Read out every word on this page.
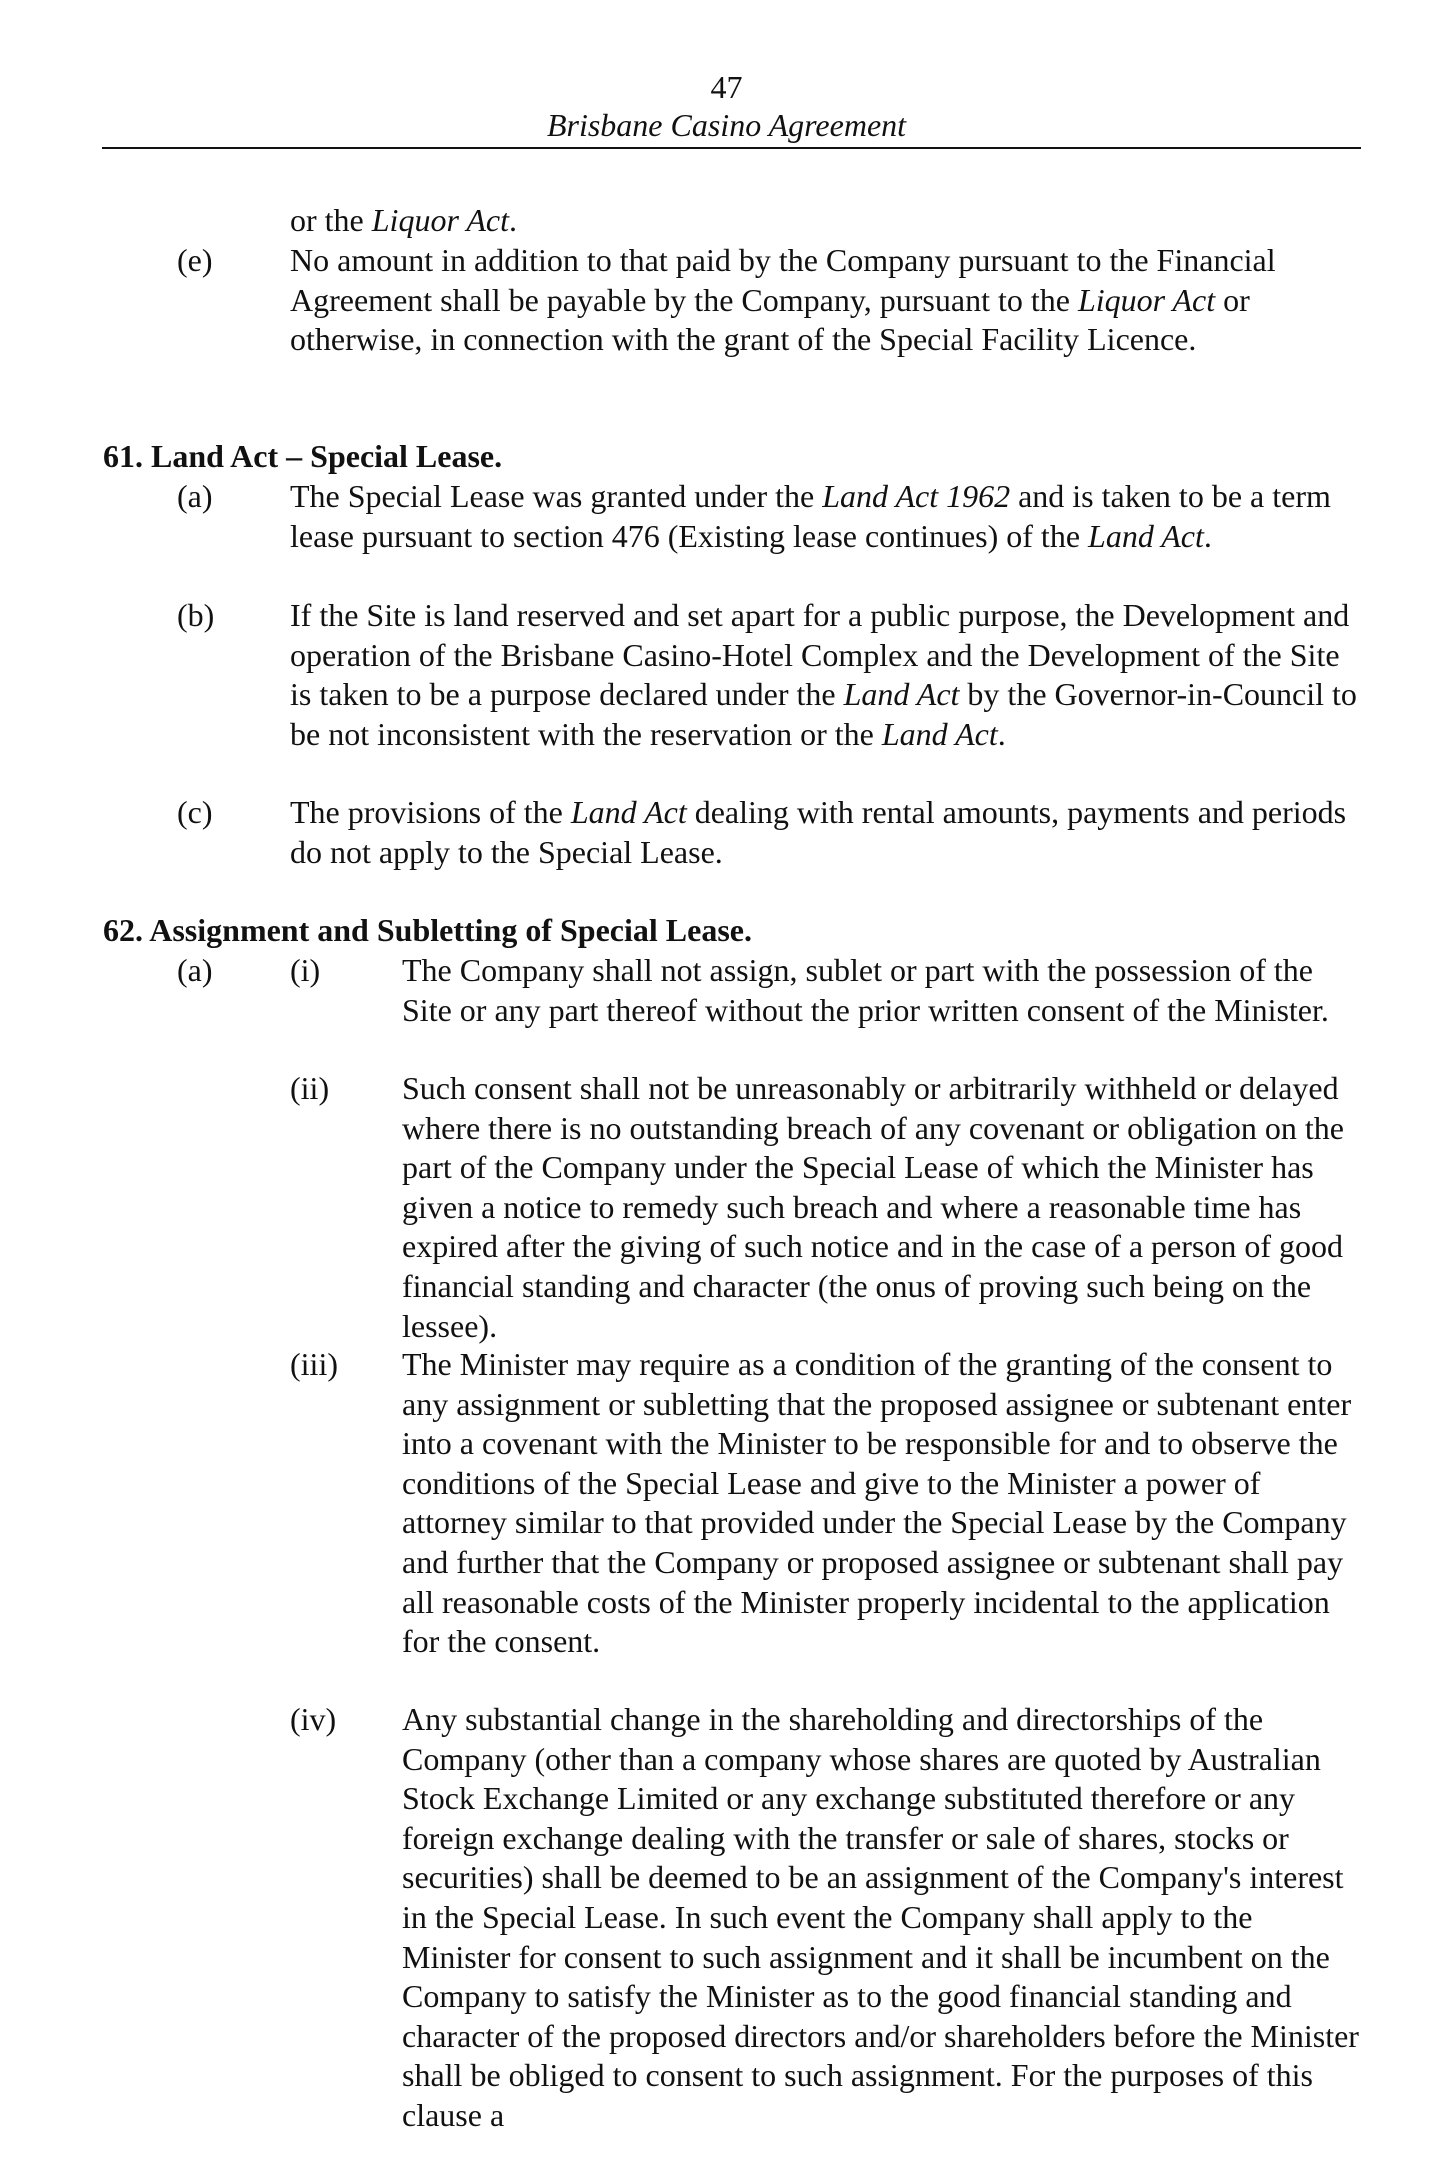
47
Brisbane Casino Agreement
or the Liquor Act.
(e) No amount in addition to that paid by the Company pursuant to the Financial Agreement shall be payable by the Company, pursuant to the Liquor Act or otherwise, in connection with the grant of the Special Facility Licence.
61. Land Act – Special Lease.
(a) The Special Lease was granted under the Land Act 1962 and is taken to be a term lease pursuant to section 476 (Existing lease continues) of the Land Act.
(b) If the Site is land reserved and set apart for a public purpose, the Development and operation of the Brisbane Casino-Hotel Complex and the Development of the Site is taken to be a purpose declared under the Land Act by the Governor-in-Council to be not inconsistent with the reservation or the Land Act.
(c) The provisions of the Land Act dealing with rental amounts, payments and periods do not apply to the Special Lease.
62. Assignment and Subletting of Special Lease.
(a) (i)	The Company shall not assign, sublet or part with the possession of the Site or any part thereof without the prior written consent of the Minister.
(ii) Such consent shall not be unreasonably or arbitrarily withheld or delayed where there is no outstanding breach of any covenant or obligation on the part of the Company under the Special Lease of which the Minister has given a notice to remedy such breach and where a reasonable time has expired after the giving of such notice and in the case of a person of good financial standing and character (the onus of proving such being on the lessee).
(iii) The Minister may require as a condition of the granting of the consent to any assignment or subletting that the proposed assignee or subtenant enter into a covenant with the Minister to be responsible for and to observe the conditions of the Special Lease and give to the Minister a power of attorney similar to that provided under the Special Lease by the Company and further that the Company or proposed assignee or subtenant shall pay all reasonable costs of the Minister properly incidental to the application for the consent.
(iv) Any substantial change in the shareholding and directorships of the Company (other than a company whose shares are quoted by Australian Stock Exchange Limited or any exchange substituted therefore or any foreign exchange dealing with the transfer or sale of shares, stocks or securities) shall be deemed to be an assignment of the Company's interest in the Special Lease. In such event the Company shall apply to the Minister for consent to such assignment and it shall be incumbent on the Company to satisfy the Minister as to the good financial standing and character of the proposed directors and/or shareholders before the Minister shall be obliged to consent to such assignment. For the purposes of this clause a
